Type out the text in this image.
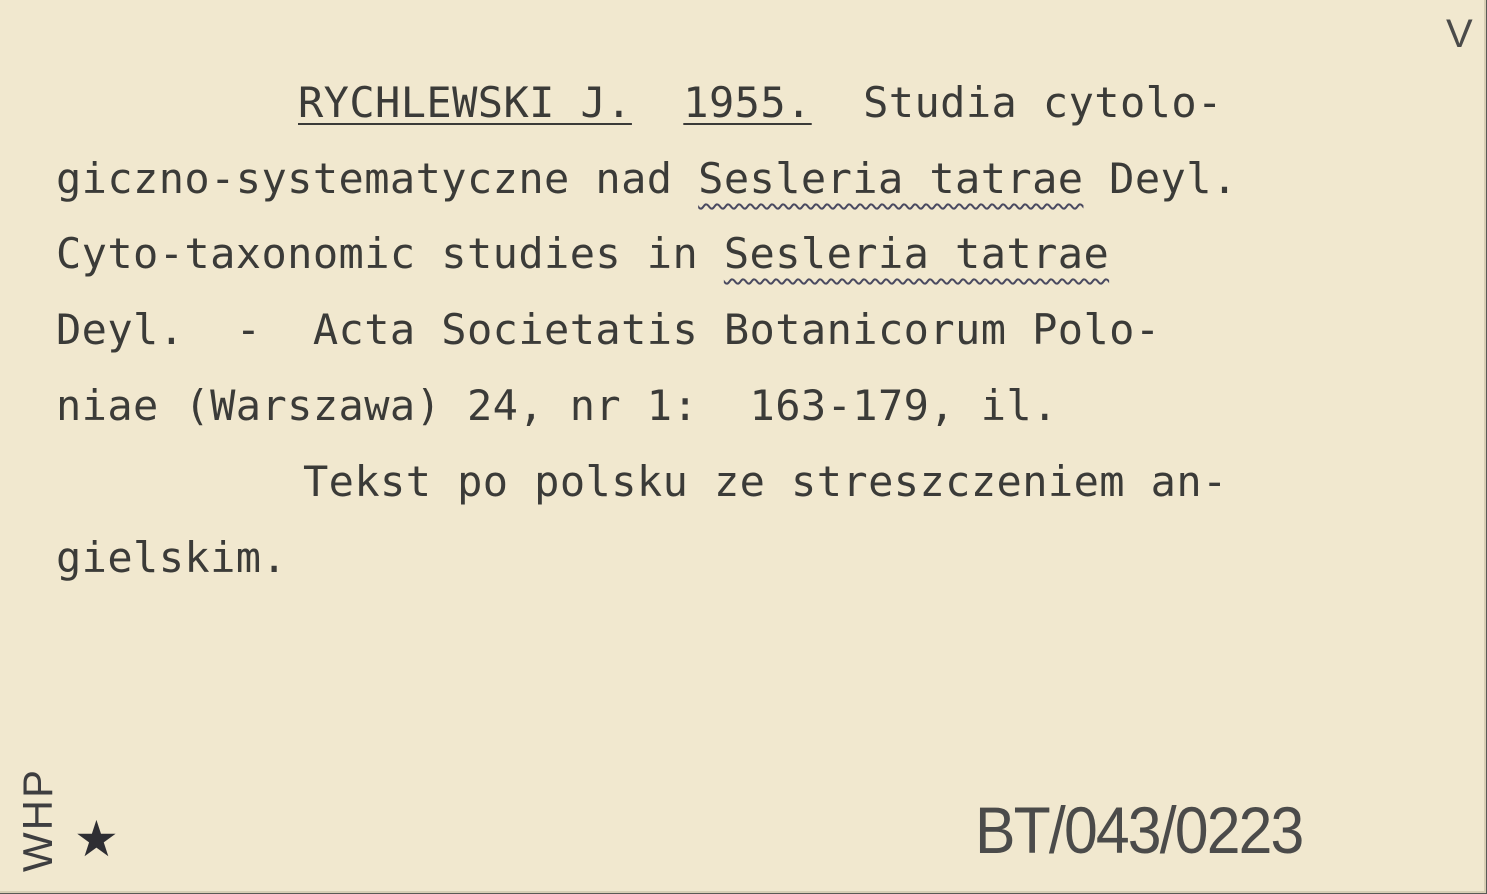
V
RYCHLEWSKI J. 1955. Studia cytolo-
giczno-systematyczne nad Sesleria tatrae Deyl.
Cyto-taxonomic studies in Sesleria tatrae
Deyl.  -  Acta Societatis Botanicorum Polo-
niae (Warszawa) 24, nr 1:  163-179, il.
Tekst po polsku ze streszczeniem an-
gielskim.
WHP ★	BT/043/0223
